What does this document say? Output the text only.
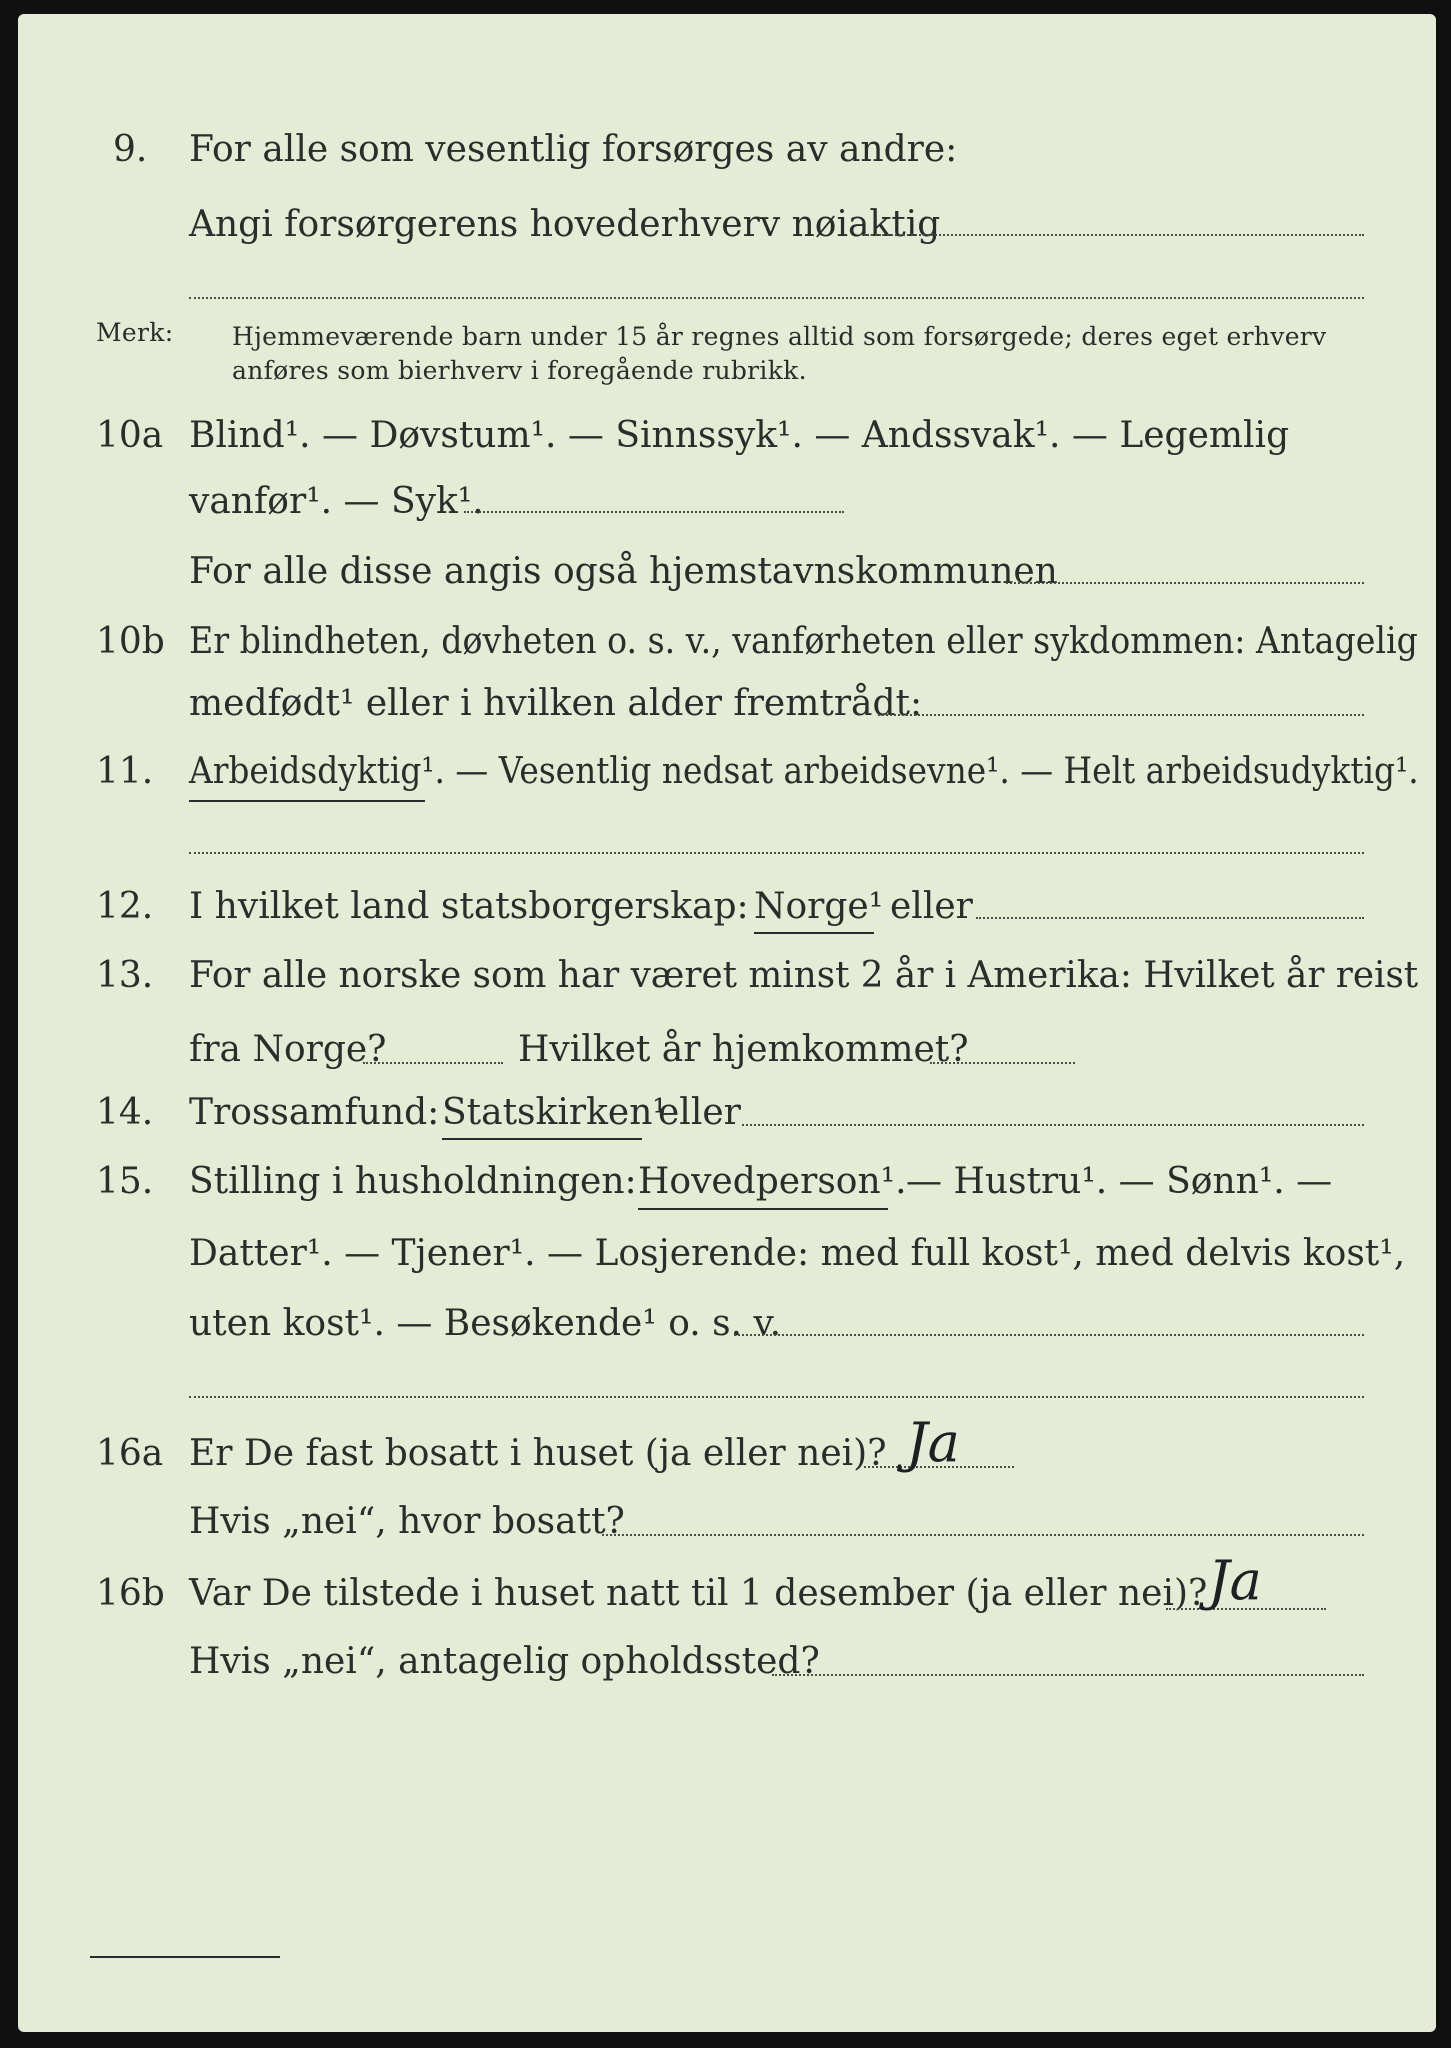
9. For alle som vesentlig forsørges av andre:
Angi forsørgerens hovederhverv nøiaktig
Merk: Hjemmeværende barn under 15 år regnes alltid som forsørgede; deres eget erhverv
anføres som bierhverv i foregående rubrikk.
10a Blind¹. — Døvstum¹. — Sinnssyk¹. — Andssvak¹. — Legemlig
vanfør¹. — Syk¹.
For alle disse angis også hjemstavnskommunen
10b Er blindheten, døvheten o. s. v., vanførheten eller sykdommen: Antagelig
medfødt¹ eller i hvilken alder fremtrådt:
11. Arbeidsdyktig¹. — Vesentlig nedsat arbeidsevne¹. — Helt arbeidsudyktig¹.
12. I hvilket land statsborgerskap: Norge¹ eller
13. For alle norske som har været minst 2 år i Amerika: Hvilket år reist
fra Norge?	Hvilket år hjemkommet?
14. Trossamfund: Statskirken¹
eller
15. Stilling i husholdningen: Hovedperson¹. — Hustru¹. — Sønn¹. —
Datter¹. — Tjener¹. — Losjerende: med full kost¹, med delvis kost¹,
uten kost¹. — Besøkende¹ o. s. v.
16a Er De fast bosatt i huset (ja eller nei)? Ja
Hvis „nei“, hvor bosatt?
16b Var De tilstede i huset natt til 1 desember (ja eller nei)? Ja
Hvis „nei“, antagelig opholdssted?
